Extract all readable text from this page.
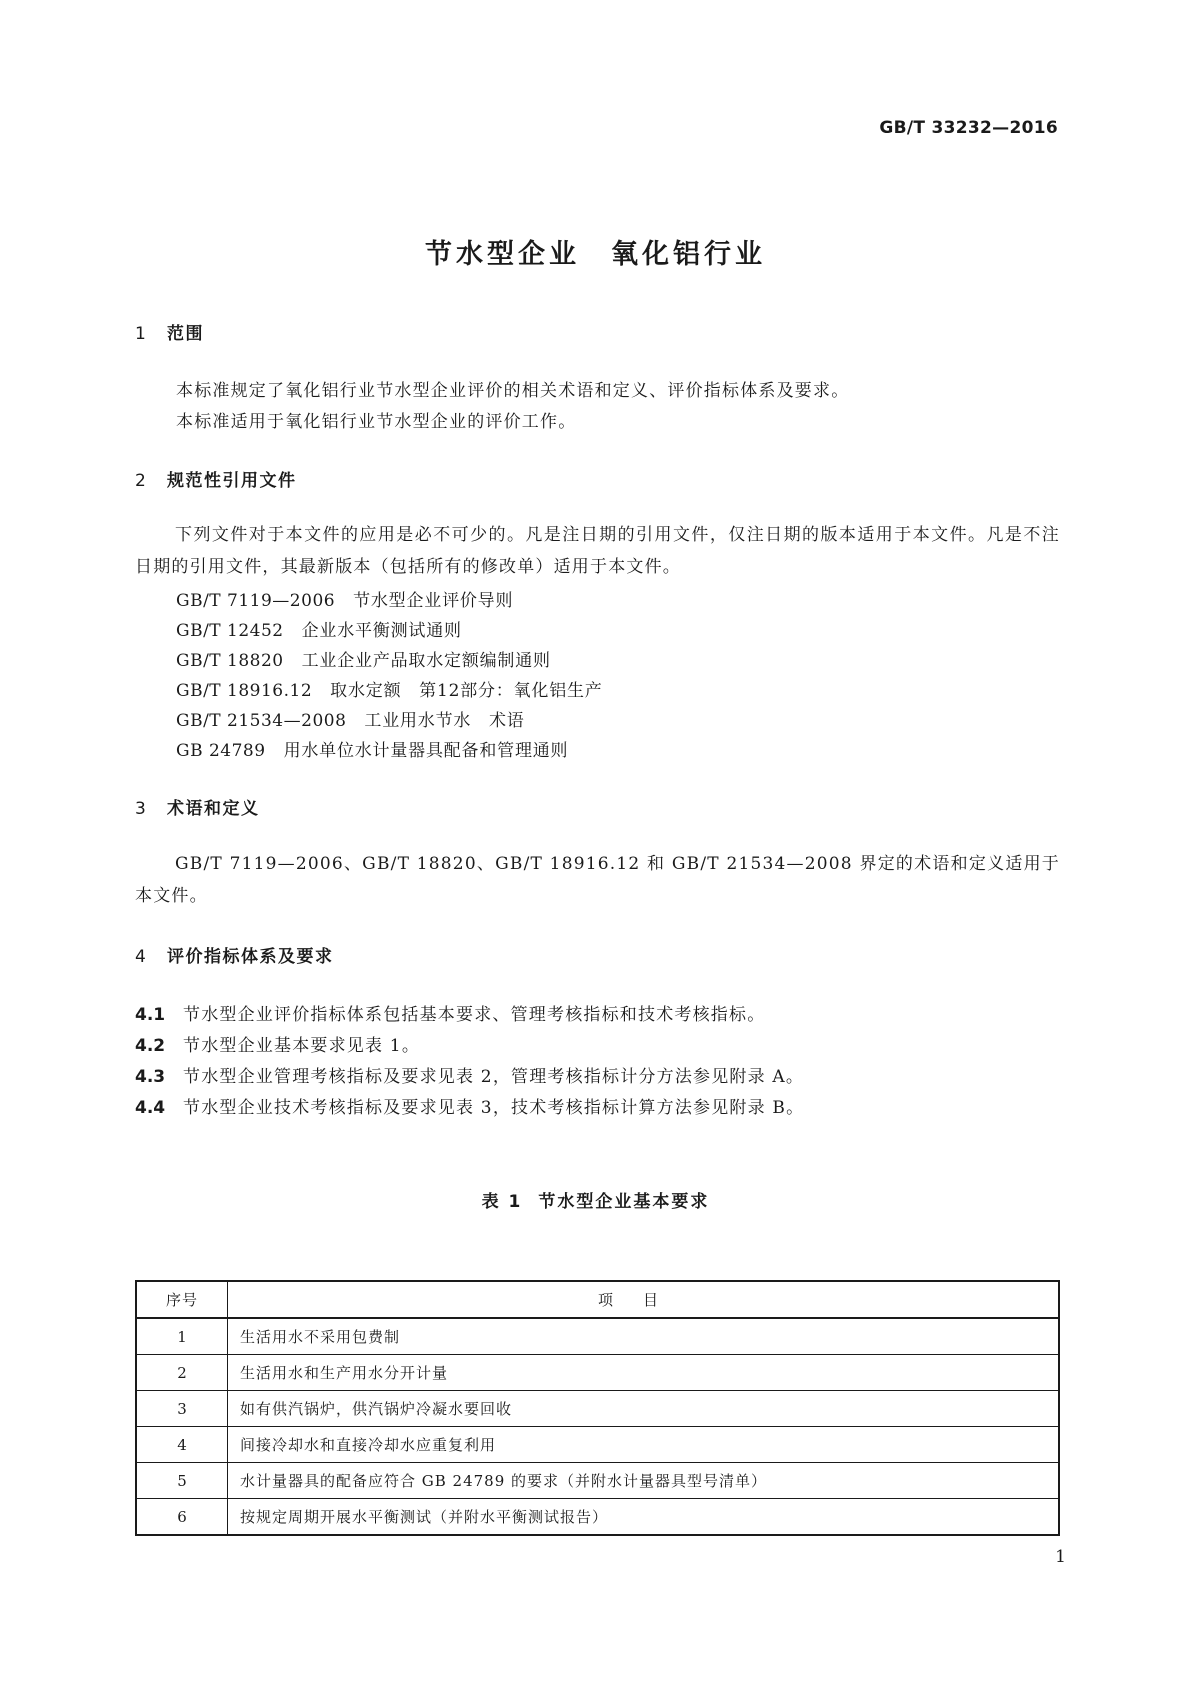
GB/T 33232—2016
节水型企业　氧化铝行业
1 范围
本标准规定了氧化铝行业节水型企业评价的相关术语和定义、评价指标体系及要求。
本标准适用于氧化铝行业节水型企业的评价工作。
2 规范性引用文件
下列文件对于本文件的应用是必不可少的。凡是注日期的引用文件，仅注日期的版本适用于本文件。凡是不注日期的引用文件，其最新版本（包括所有的修改单）适用于本文件。
GB/T 7119—2006 节水型企业评价导则
GB/T 12452 企业水平衡测试通则
GB/T 18820 工业企业产品取水定额编制通则
GB/T 18916.12 取水定额　第12部分：氧化铝生产
GB/T 21534—2008 工业用水节水　术语
GB 24789 用水单位水计量器具配备和管理通则
3 术语和定义
GB/T 7119—2006、GB/T 18820、GB/T 18916.12 和 GB/T 21534—2008 界定的术语和定义适用于本文件。
4 评价指标体系及要求
4.1 节水型企业评价指标体系包括基本要求、管理考核指标和技术考核指标。
4.2 节水型企业基本要求见表 1。
4.3 节水型企业管理考核指标及要求见表 2，管理考核指标计分方法参见附录 A。
4.4 节水型企业技术考核指标及要求见表 3，技术考核指标计算方法参见附录 B。
表 1 节水型企业基本要求
序号	项目
1	生活用水不采用包费制
2	生活用水和生产用水分开计量
3	如有供汽锅炉，供汽锅炉冷凝水要回收
4	间接冷却水和直接冷却水应重复利用
5	水计量器具的配备应符合 GB 24789 的要求（并附水计量器具型号清单）
6	按规定周期开展水平衡测试（并附水平衡测试报告）
1
